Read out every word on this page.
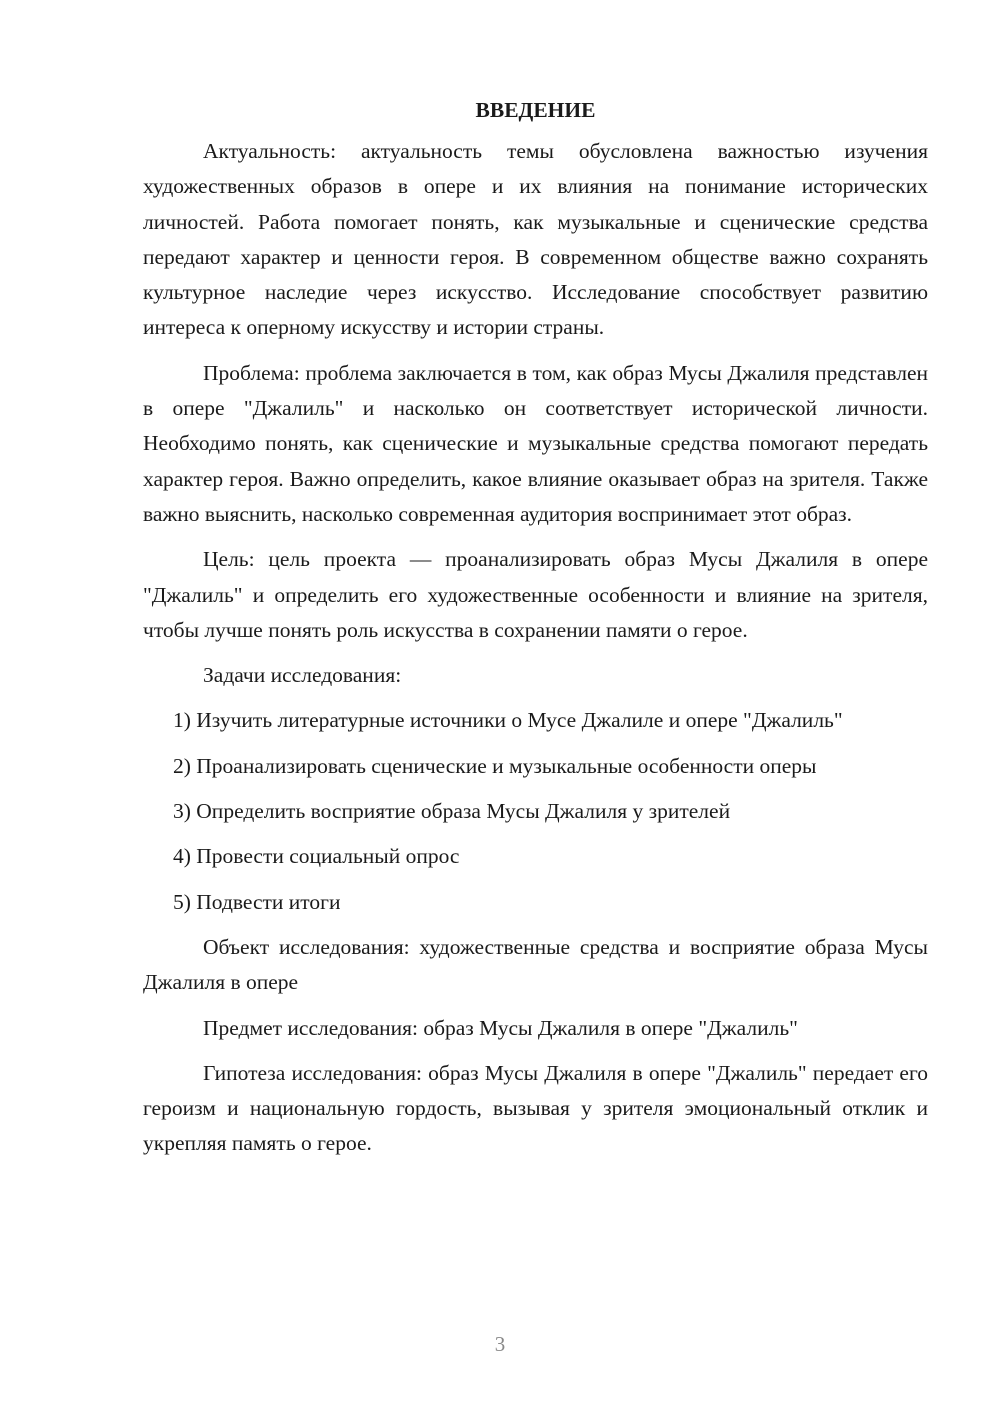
ВВЕДЕНИЕ

Актуальность: актуальность темы обусловлена важностью изучения художественных образов в опере и их влияния на понимание исторических личностей. Работа помогает понять, как музыкальные и сценические средства передают характер и ценности героя. В современном обществе важно сохранять культурное наследие через искусство. Исследование способствует развитию интереса к оперному искусству и истории страны.

Проблема: проблема заключается в том, как образ Мусы Джалиля представлен в опере "Джалиль" и насколько он соответствует исторической личности. Необходимо понять, как сценические и музыкальные средства помогают передать характер героя. Важно определить, какое влияние оказывает образ на зрителя. Также важно выяснить, насколько современная аудитория воспринимает этот образ.

Цель: цель проекта — проанализировать образ Мусы Джалиля в опере "Джалиль" и определить его художественные особенности и влияние на зрителя, чтобы лучше понять роль искусства в сохранении памяти о герое.

Задачи исследования:

1) Изучить литературные источники о Мусе Джалиле и опере "Джалиль"

2) Проанализировать сценические и музыкальные особенности оперы

3) Определить восприятие образа Мусы Джалиля у зрителей

4) Провести социальный опрос

5) Подвести итоги

Объект исследования: художественные средства и восприятие образа Мусы Джалиля в опере

Предмет исследования: образ Мусы Джалиля в опере "Джалиль"

Гипотеза исследования: образ Мусы Джалиля в опере "Джалиль" передает его героизм и национальную гордость, вызывая у зрителя эмоциональный отклик и укрепляя память о герое.

3
